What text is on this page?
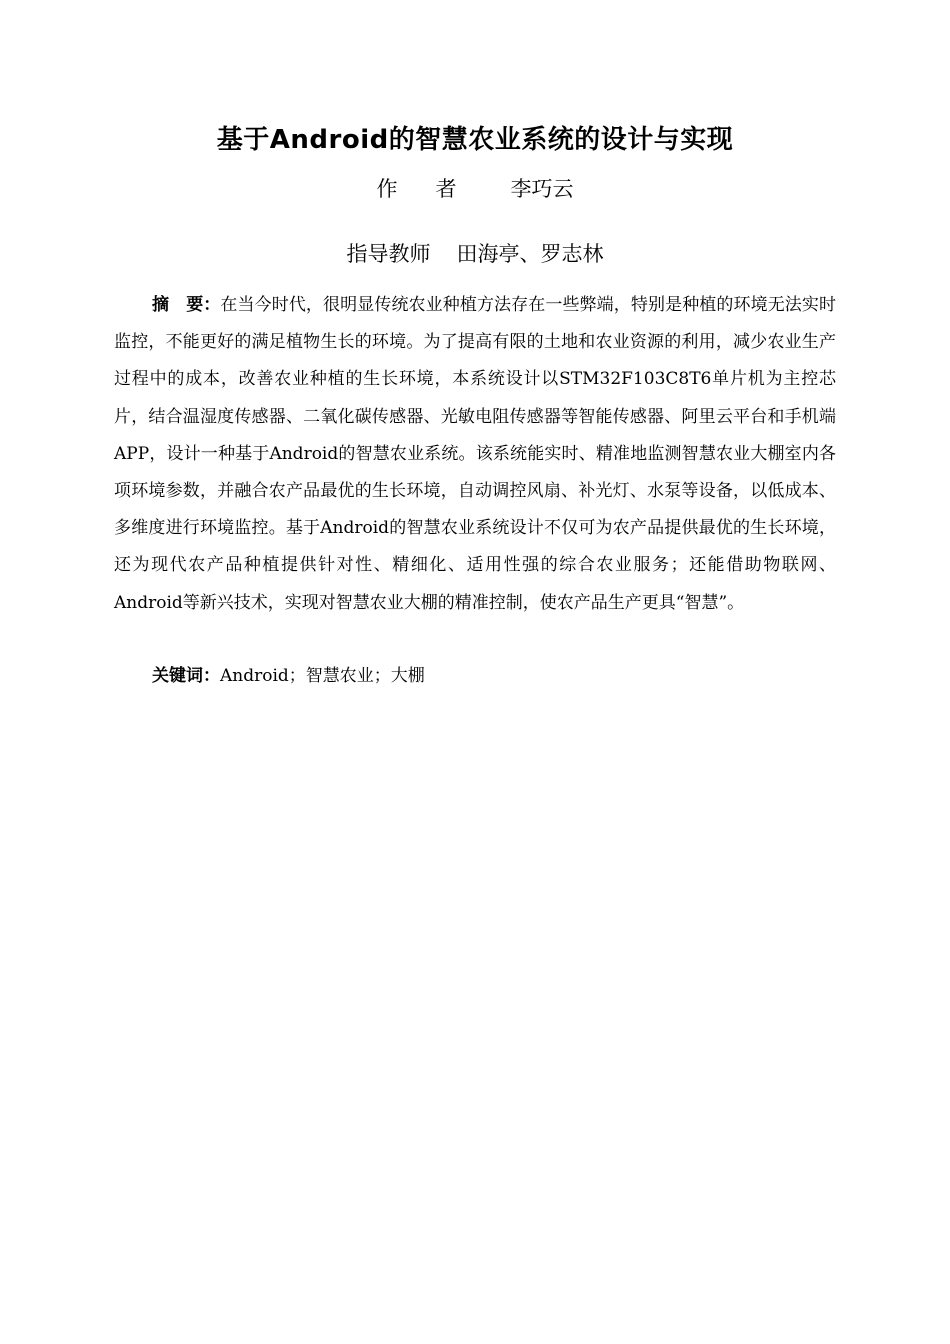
基于Android的智慧农业系统的设计与实现
作者 李巧云
指导教师 田海亭、罗志林
摘　要：在当今时代，很明显传统农业种植方法存在一些弊端，特别是种植的环境无法实时监控，不能更好的满足植物生长的环境。为了提高有限的土地和农业资源的利用，减少农业生产过程中的成本，改善农业种植的生长环境，本系统设计以STM32F103C8T6单片机为主控芯片，结合温湿度传感器、二氧化碳传感器、光敏电阻传感器等智能传感器、阿里云平台和手机端APP，设计一种基于Android的智慧农业系统。该系统能实时、精准地监测智慧农业大棚室内各项环境参数，并融合农产品最优的生长环境，自动调控风扇、补光灯、水泵等设备，以低成本、多维度进行环境监控。基于Android的智慧农业系统设计不仅可为农产品提供最优的生长环境，还为现代农产品种植提供针对性、精细化、适用性强的综合农业服务；还能借助物联网、Android等新兴技术，实现对智慧农业大棚的精准控制，使农产品生产更具“智慧”。
关键词：Android；智慧农业；大棚
